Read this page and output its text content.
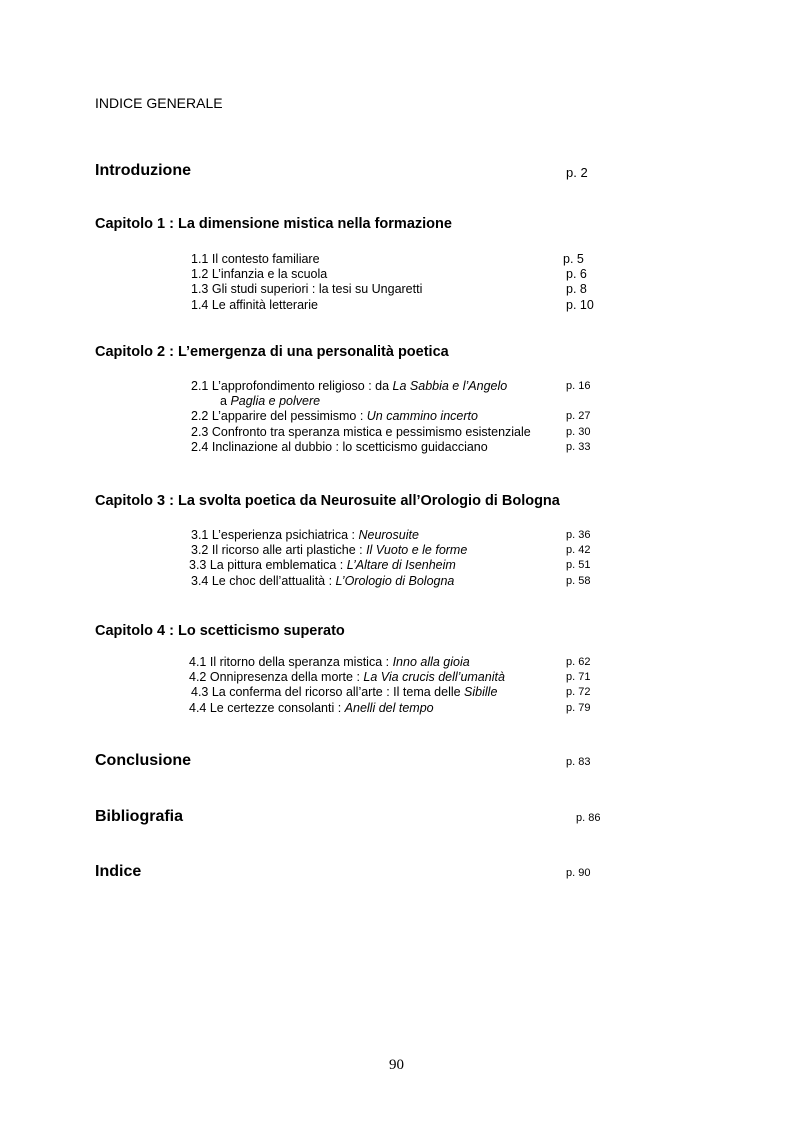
INDICE GENERALE
Introduzione	p. 2
Capitolo 1 : La dimensione mistica nella formazione
1.1 Il contesto familiare	p. 5
1.2 L’infanzia e la scuola	p. 6
1.3 Gli studi superiori : la tesi su Ungaretti	p. 8
1.4 Le affinità letterarie	p. 10
Capitolo 2 : L’emergenza di una personalità poetica
2.1 L’approfondimento religioso : da La Sabbia e l’Angelo	p. 16
a Paglia e polvere
2.2 L’apparire del pessimismo : Un cammino incerto	p. 27
2.3 Confronto tra speranza mistica e pessimismo esistenziale	p. 30
2.4 Inclinazione al dubbio : lo scetticismo guidacciano	p. 33
Capitolo 3 : La svolta poetica da Neurosuite all’Orologio di Bologna
3.1 L’esperienza psichiatrica : Neurosuite	p. 36
3.2 Il ricorso alle arti plastiche : Il Vuoto e le forme	p. 42
3.3 La pittura emblematica : L’Altare di Isenheim	p. 51
3.4 Le choc dell’attualità : L’Orologio di Bologna	p. 58
Capitolo 4 : Lo scetticismo superato
4.1 Il ritorno della speranza mistica : Inno alla gioia	p. 62
4.2 Onnipresenza della morte : La Via crucis dell’umanità	p. 71
4.3 La conferma del ricorso all’arte : Il tema delle Sibille	p. 72
4.4 Le certezze consolanti : Anelli del tempo	p. 79
Conclusione	p. 83
Bibliografia	p. 86
Indice	p. 90
90
